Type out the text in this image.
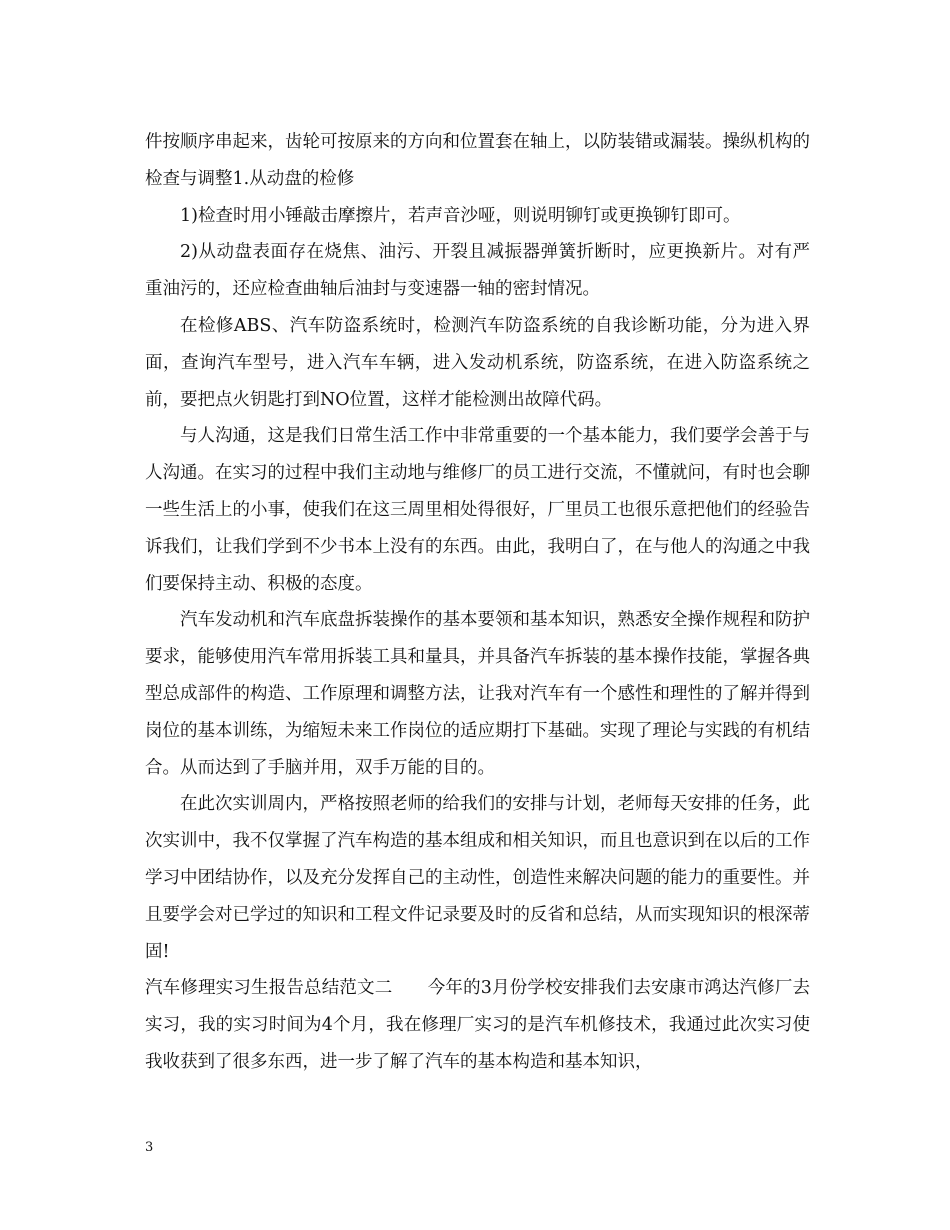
件按顺序串起来，齿轮可按原来的方向和位置套在轴上，以防装错或漏装。操纵机构的检查与调整1.从动盘的检修

1)检查时用小锤敲击摩擦片，若声音沙哑，则说明铆钉或更换铆钉即可。

2)从动盘表面存在烧焦、油污、开裂且减振器弹簧折断时，应更换新片。对有严重油污的，还应检查曲轴后油封与变速器一轴的密封情况。

在检修ABS、汽车防盗系统时，检测汽车防盗系统的自我诊断功能，分为进入界面，查询汽车型号，进入汽车车辆，进入发动机系统，防盗系统，在进入防盗系统之前，要把点火钥匙打到NO位置，这样才能检测出故障代码。

与人沟通，这是我们日常生活工作中非常重要的一个基本能力，我们要学会善于与人沟通。在实习的过程中我们主动地与维修厂的员工进行交流，不懂就问，有时也会聊一些生活上的小事，使我们在这三周里相处得很好，厂里员工也很乐意把他们的经验告诉我们，让我们学到不少书本上没有的东西。由此，我明白了，在与他人的沟通之中我们要保持主动、积极的态度。

汽车发动机和汽车底盘拆装操作的基本要领和基本知识，熟悉安全操作规程和防护要求，能够使用汽车常用拆装工具和量具，并具备汽车拆装的基本操作技能，掌握各典型总成部件的构造、工作原理和调整方法，让我对汽车有一个感性和理性的了解并得到岗位的基本训练，为缩短未来工作岗位的适应期打下基础。实现了理论与实践的有机结合。从而达到了手脑并用，双手万能的目的。

在此次实训周内，严格按照老师的给我们的安排与计划，老师每天安排的任务，此次实训中，我不仅掌握了汽车构造的基本组成和相关知识，而且也意识到在以后的工作学习中团结协作，以及充分发挥自己的主动性，创造性来解决问题的能力的重要性。并且要学会对已学过的知识和工程文件记录要及时的反省和总结，从而实现知识的根深蒂固!

汽车修理实习生报告总结范文二　　今年的3月份学校安排我们去安康市鸿达汽修厂去实习，我的实习时间为4个月，我在修理厂实习的是汽车机修技术，我通过此次实习使我收获到了很多东西，进一步了解了汽车的基本构造和基本知识，

3
